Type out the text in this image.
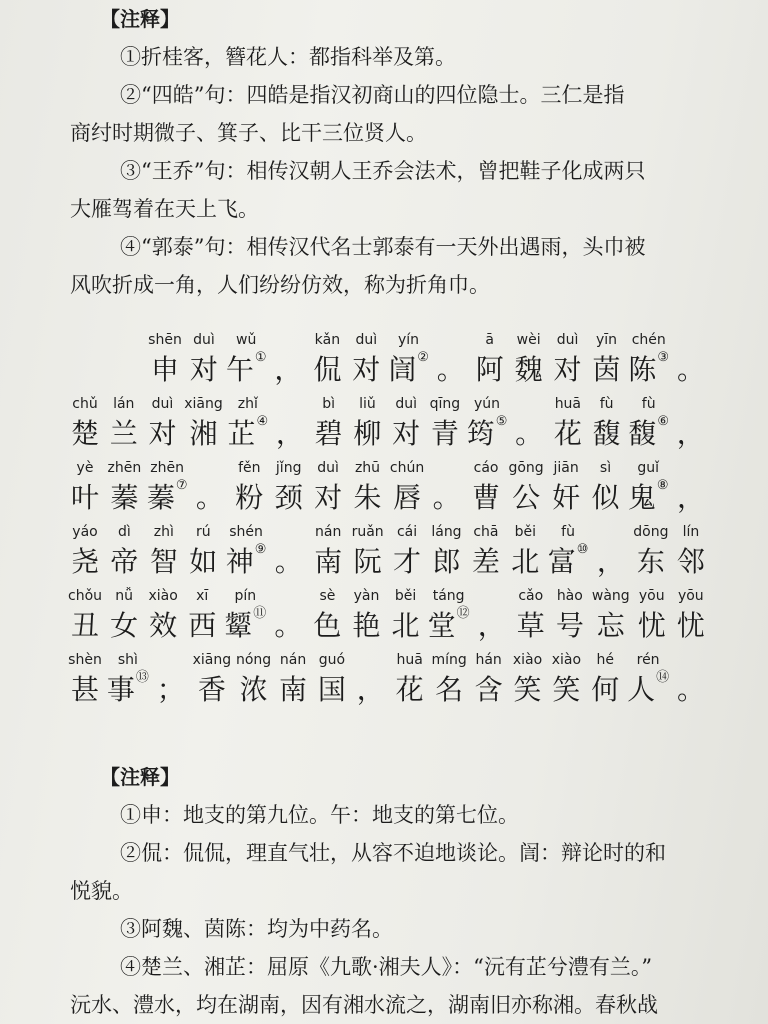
【注释】

①折桂客，簪花人：都指科举及第。

②“四皓”句：四皓是指汉初商山的四位隐士。三仁是指

商纣时期微子、箕子、比干三位贤人。

③“王乔”句：相传汉朝人王乔会法术，曾把鞋子化成两只

大雁驾着在天上飞。

④“郭泰”句：相传汉代名士郭泰有一天外出遇雨，头巾被

风吹折成一角，人们纷纷仿效，称为折角巾。

shēn
申
duì
对
wǔ
午 ① ，
kǎn
侃
duì
对
yín
訚 ② 。
ā
阿
wèi
魏
duì
对
yīn
茵
chén
陈 ③ 。
chǔ
楚
lán
兰
duì
对
xiāng
湘
zhǐ
芷 ④ ，
bì
碧
liǔ
柳
duì
对
qīng
青
yún
筠 ⑤ 。
huā
花
fù
馥
fù
馥 ⑥ ，
yè
叶
zhēn
蓁
zhēn
蓁 ⑦ 。
fěn
粉
jǐng
颈
duì
对
zhū
朱
chún
唇 。
cáo
曹
gōng
公
jiān
奸
sì
似
guǐ
鬼 ⑧ ，
yáo
尧
dì
帝
zhì
智
rú
如
shén
神 ⑨ 。
nán
南
ruǎn
阮
cái
才
láng
郎
chā
差
běi
北
fù
富 ⑩ ，
dōng
东
lín
邻
chǒu
丑
nǚ
女
xiào
效
xī
西
pín
颦 ⑪ 。
sè
色
yàn
艳
běi
北
táng
堂 ⑫ ，
cǎo
草
hào
号
wàng
忘
yōu
忧
yōu
忧
shèn
甚
shì
事 ⑬ ；
xiāng
香
nóng
浓
nán
南
guó
国 ，
huā
花
míng
名
hán
含
xiào
笑
xiào
笑
hé
何
rén
人 ⑭ 。

【注释】

①申：地支的第九位。午：地支的第七位。

②侃：侃侃，理直气壮，从容不迫地谈论。訚：辩论时的和

悦貌。

③阿魏、茵陈：均为中药名。

④楚兰、湘芷：屈原《九歌·湘夫人》：“沅有芷兮澧有兰。”

沅水、澧水，均在湖南，因有湘水流之，湖南旧亦称湘。春秋战
